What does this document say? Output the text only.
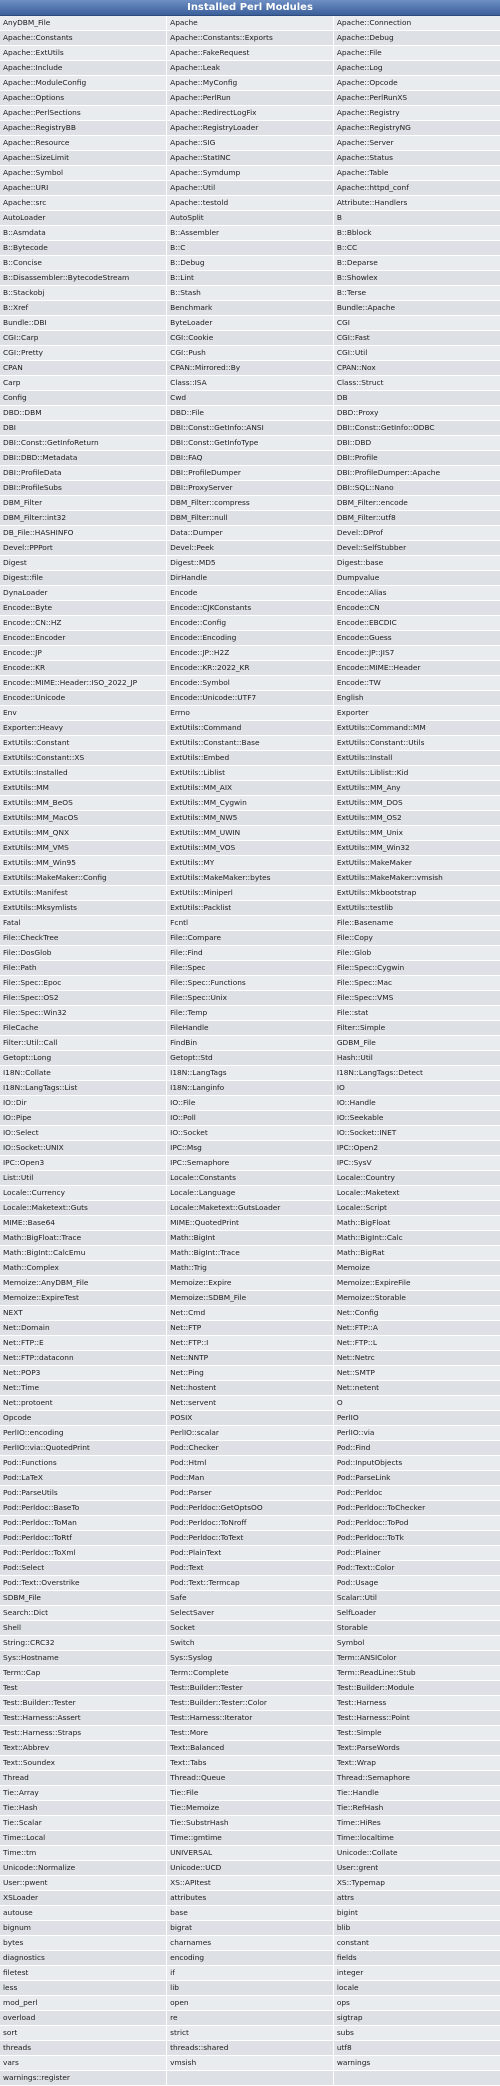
Installed Perl Modules
AnyDBM_File	Apache	Apache::Connection
Apache::Constants	Apache::Constants::Exports	Apache::Debug
Apache::ExtUtils	Apache::FakeRequest	Apache::File
Apache::Include	Apache::Leak	Apache::Log
Apache::ModuleConfig	Apache::MyConfig	Apache::Opcode
Apache::Options	Apache::PerlRun	Apache::PerlRunXS
Apache::PerlSections	Apache::RedirectLogFix	Apache::Registry
Apache::RegistryBB	Apache::RegistryLoader	Apache::RegistryNG
Apache::Resource	Apache::SIG	Apache::Server
Apache::SizeLimit	Apache::StatINC	Apache::Status
Apache::Symbol	Apache::Symdump	Apache::Table
Apache::URI	Apache::Util	Apache::httpd_conf
Apache::src	Apache::testold	Attribute::Handlers
AutoLoader	AutoSplit	B
B::Asmdata	B::Assembler	B::Bblock
B::Bytecode	B::C	B::CC
B::Concise	B::Debug	B::Deparse
B::Disassembler::BytecodeStream	B::Lint	B::Showlex
B::Stackobj	B::Stash	B::Terse
B::Xref	Benchmark	Bundle::Apache
Bundle::DBI	ByteLoader	CGI
CGI::Carp	CGI::Cookie	CGI::Fast
CGI::Pretty	CGI::Push	CGI::Util
CPAN	CPAN::Mirrored::By	CPAN::Nox
Carp	Class::ISA	Class::Struct
Config	Cwd	DB
DBD::DBM	DBD::File	DBD::Proxy
DBI	DBI::Const::GetInfo::ANSI	DBI::Const::GetInfo::ODBC
DBI::Const::GetInfoReturn	DBI::Const::GetInfoType	DBI::DBD
DBI::DBD::Metadata	DBI::FAQ	DBI::Profile
DBI::ProfileData	DBI::ProfileDumper	DBI::ProfileDumper::Apache
DBI::ProfileSubs	DBI::ProxyServer	DBI::SQL::Nano
DBM_Filter	DBM_Filter::compress	DBM_Filter::encode
DBM_Filter::int32	DBM_Filter::null	DBM_Filter::utf8
DB_File::HASHINFO	Data::Dumper	Devel::DProf
Devel::PPPort	Devel::Peek	Devel::SelfStubber
Digest	Digest::MD5	Digest::base
Digest::file	DirHandle	Dumpvalue
DynaLoader	Encode	Encode::Alias
Encode::Byte	Encode::CJKConstants	Encode::CN
Encode::CN::HZ	Encode::Config	Encode::EBCDIC
Encode::Encoder	Encode::Encoding	Encode::Guess
Encode::JP	Encode::JP::H2Z	Encode::JP::JIS7
Encode::KR	Encode::KR::2022_KR	Encode::MIME::Header
Encode::MIME::Header::ISO_2022_JP	Encode::Symbol	Encode::TW
Encode::Unicode	Encode::Unicode::UTF7	English
Env	Errno	Exporter
Exporter::Heavy	ExtUtils::Command	ExtUtils::Command::MM
ExtUtils::Constant	ExtUtils::Constant::Base	ExtUtils::Constant::Utils
ExtUtils::Constant::XS	ExtUtils::Embed	ExtUtils::Install
ExtUtils::Installed	ExtUtils::Liblist	ExtUtils::Liblist::Kid
ExtUtils::MM	ExtUtils::MM_AIX	ExtUtils::MM_Any
ExtUtils::MM_BeOS	ExtUtils::MM_Cygwin	ExtUtils::MM_DOS
ExtUtils::MM_MacOS	ExtUtils::MM_NW5	ExtUtils::MM_OS2
ExtUtils::MM_QNX	ExtUtils::MM_UWIN	ExtUtils::MM_Unix
ExtUtils::MM_VMS	ExtUtils::MM_VOS	ExtUtils::MM_Win32
ExtUtils::MM_Win95	ExtUtils::MY	ExtUtils::MakeMaker
ExtUtils::MakeMaker::Config	ExtUtils::MakeMaker::bytes	ExtUtils::MakeMaker::vmsish
ExtUtils::Manifest	ExtUtils::Miniperl	ExtUtils::Mkbootstrap
ExtUtils::Mksymlists	ExtUtils::Packlist	ExtUtils::testlib
Fatal	Fcntl	File::Basename
File::CheckTree	File::Compare	File::Copy
File::DosGlob	File::Find	File::Glob
File::Path	File::Spec	File::Spec::Cygwin
File::Spec::Epoc	File::Spec::Functions	File::Spec::Mac
File::Spec::OS2	File::Spec::Unix	File::Spec::VMS
File::Spec::Win32	File::Temp	File::stat
FileCache	FileHandle	Filter::Simple
Filter::Util::Call	FindBin	GDBM_File
Getopt::Long	Getopt::Std	Hash::Util
I18N::Collate	I18N::LangTags	I18N::LangTags::Detect
I18N::LangTags::List	I18N::Langinfo	IO
IO::Dir	IO::File	IO::Handle
IO::Pipe	IO::Poll	IO::Seekable
IO::Select	IO::Socket	IO::Socket::INET
IO::Socket::UNIX	IPC::Msg	IPC::Open2
IPC::Open3	IPC::Semaphore	IPC::SysV
List::Util	Locale::Constants	Locale::Country
Locale::Currency	Locale::Language	Locale::Maketext
Locale::Maketext::Guts	Locale::Maketext::GutsLoader	Locale::Script
MIME::Base64	MIME::QuotedPrint	Math::BigFloat
Math::BigFloat::Trace	Math::BigInt	Math::BigInt::Calc
Math::BigInt::CalcEmu	Math::BigInt::Trace	Math::BigRat
Math::Complex	Math::Trig	Memoize
Memoize::AnyDBM_File	Memoize::Expire	Memoize::ExpireFile
Memoize::ExpireTest	Memoize::SDBM_File	Memoize::Storable
NEXT	Net::Cmd	Net::Config
Net::Domain	Net::FTP	Net::FTP::A
Net::FTP::E	Net::FTP::I	Net::FTP::L
Net::FTP::dataconn	Net::NNTP	Net::Netrc
Net::POP3	Net::Ping	Net::SMTP
Net::Time	Net::hostent	Net::netent
Net::protoent	Net::servent	O
Opcode	POSIX	PerlIO
PerlIO::encoding	PerlIO::scalar	PerlIO::via
PerlIO::via::QuotedPrint	Pod::Checker	Pod::Find
Pod::Functions	Pod::Html	Pod::InputObjects
Pod::LaTeX	Pod::Man	Pod::ParseLink
Pod::ParseUtils	Pod::Parser	Pod::Perldoc
Pod::Perldoc::BaseTo	Pod::Perldoc::GetOptsOO	Pod::Perldoc::ToChecker
Pod::Perldoc::ToMan	Pod::Perldoc::ToNroff	Pod::Perldoc::ToPod
Pod::Perldoc::ToRtf	Pod::Perldoc::ToText	Pod::Perldoc::ToTk
Pod::Perldoc::ToXml	Pod::PlainText	Pod::Plainer
Pod::Select	Pod::Text	Pod::Text::Color
Pod::Text::Overstrike	Pod::Text::Termcap	Pod::Usage
SDBM_File	Safe	Scalar::Util
Search::Dict	SelectSaver	SelfLoader
Shell	Socket	Storable
String::CRC32	Switch	Symbol
Sys::Hostname	Sys::Syslog	Term::ANSIColor
Term::Cap	Term::Complete	Term::ReadLine::Stub
Test	Test::Builder::Tester	Test::Builder::Module
Test::Builder::Tester	Test::Builder::Tester::Color	Test::Harness
Test::Harness::Assert	Test::Harness::Iterator	Test::Harness::Point
Test::Harness::Straps	Test::More	Test::Simple
Text::Abbrev	Text::Balanced	Text::ParseWords
Text::Soundex	Text::Tabs	Text::Wrap
Thread	Thread::Queue	Thread::Semaphore
Tie::Array	Tie::File	Tie::Handle
Tie::Hash	Tie::Memoize	Tie::RefHash
Tie::Scalar	Tie::SubstrHash	Time::HiRes
Time::Local	Time::gmtime	Time::localtime
Time::tm	UNIVERSAL	Unicode::Collate
Unicode::Normalize	Unicode::UCD	User::grent
User::pwent	XS::APItest	XS::Typemap
XSLoader	attributes	attrs
autouse	base	bigint
bignum	bigrat	blib
bytes	charnames	constant
diagnostics	encoding	fields
filetest	if	integer
less	lib	locale
mod_perl	open	ops
overload	re	sigtrap
sort	strict	subs
threads	threads::shared	utf8
vars	vmsish	warnings
warnings::register		
